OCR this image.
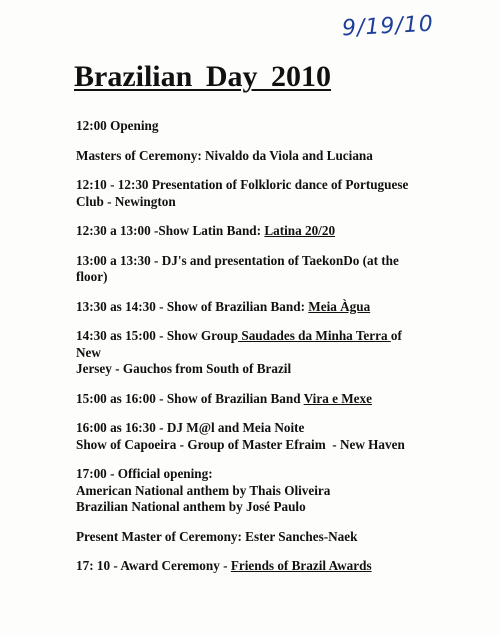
9/19/10
Brazilian Day 2010

12:00 Opening

Masters of Ceremony: Nivaldo da Viola and Luciana

12:10 - 12:30 Presentation of Folkloric dance of Portuguese
Club - Newington

12:30 a 13:00 -Show Latin Band: Latina 20/20

13:00 a 13:30 - DJ's and presentation of TaekonDo (at the
floor)

13:30 as 14:30 - Show of Brazilian Band: Meia Àgua

14:30 as 15:00 - Show Group Saudades da Minha Terra of New
Jersey - Gauchos from South of Brazil

15:00 as 16:00 - Show of Brazilian Band Vira e Mexe

16:00 as 16:30 - DJ M@l and Meia Noite
Show of Capoeira - Group of Master Efraim  - New Haven

17:00 - Official opening:
American National anthem by Thais Oliveira
Brazilian National anthem by José Paulo

Present Master of Ceremony: Ester Sanches-Naek

17: 10 - Award Ceremony - Friends of Brazil Awards
